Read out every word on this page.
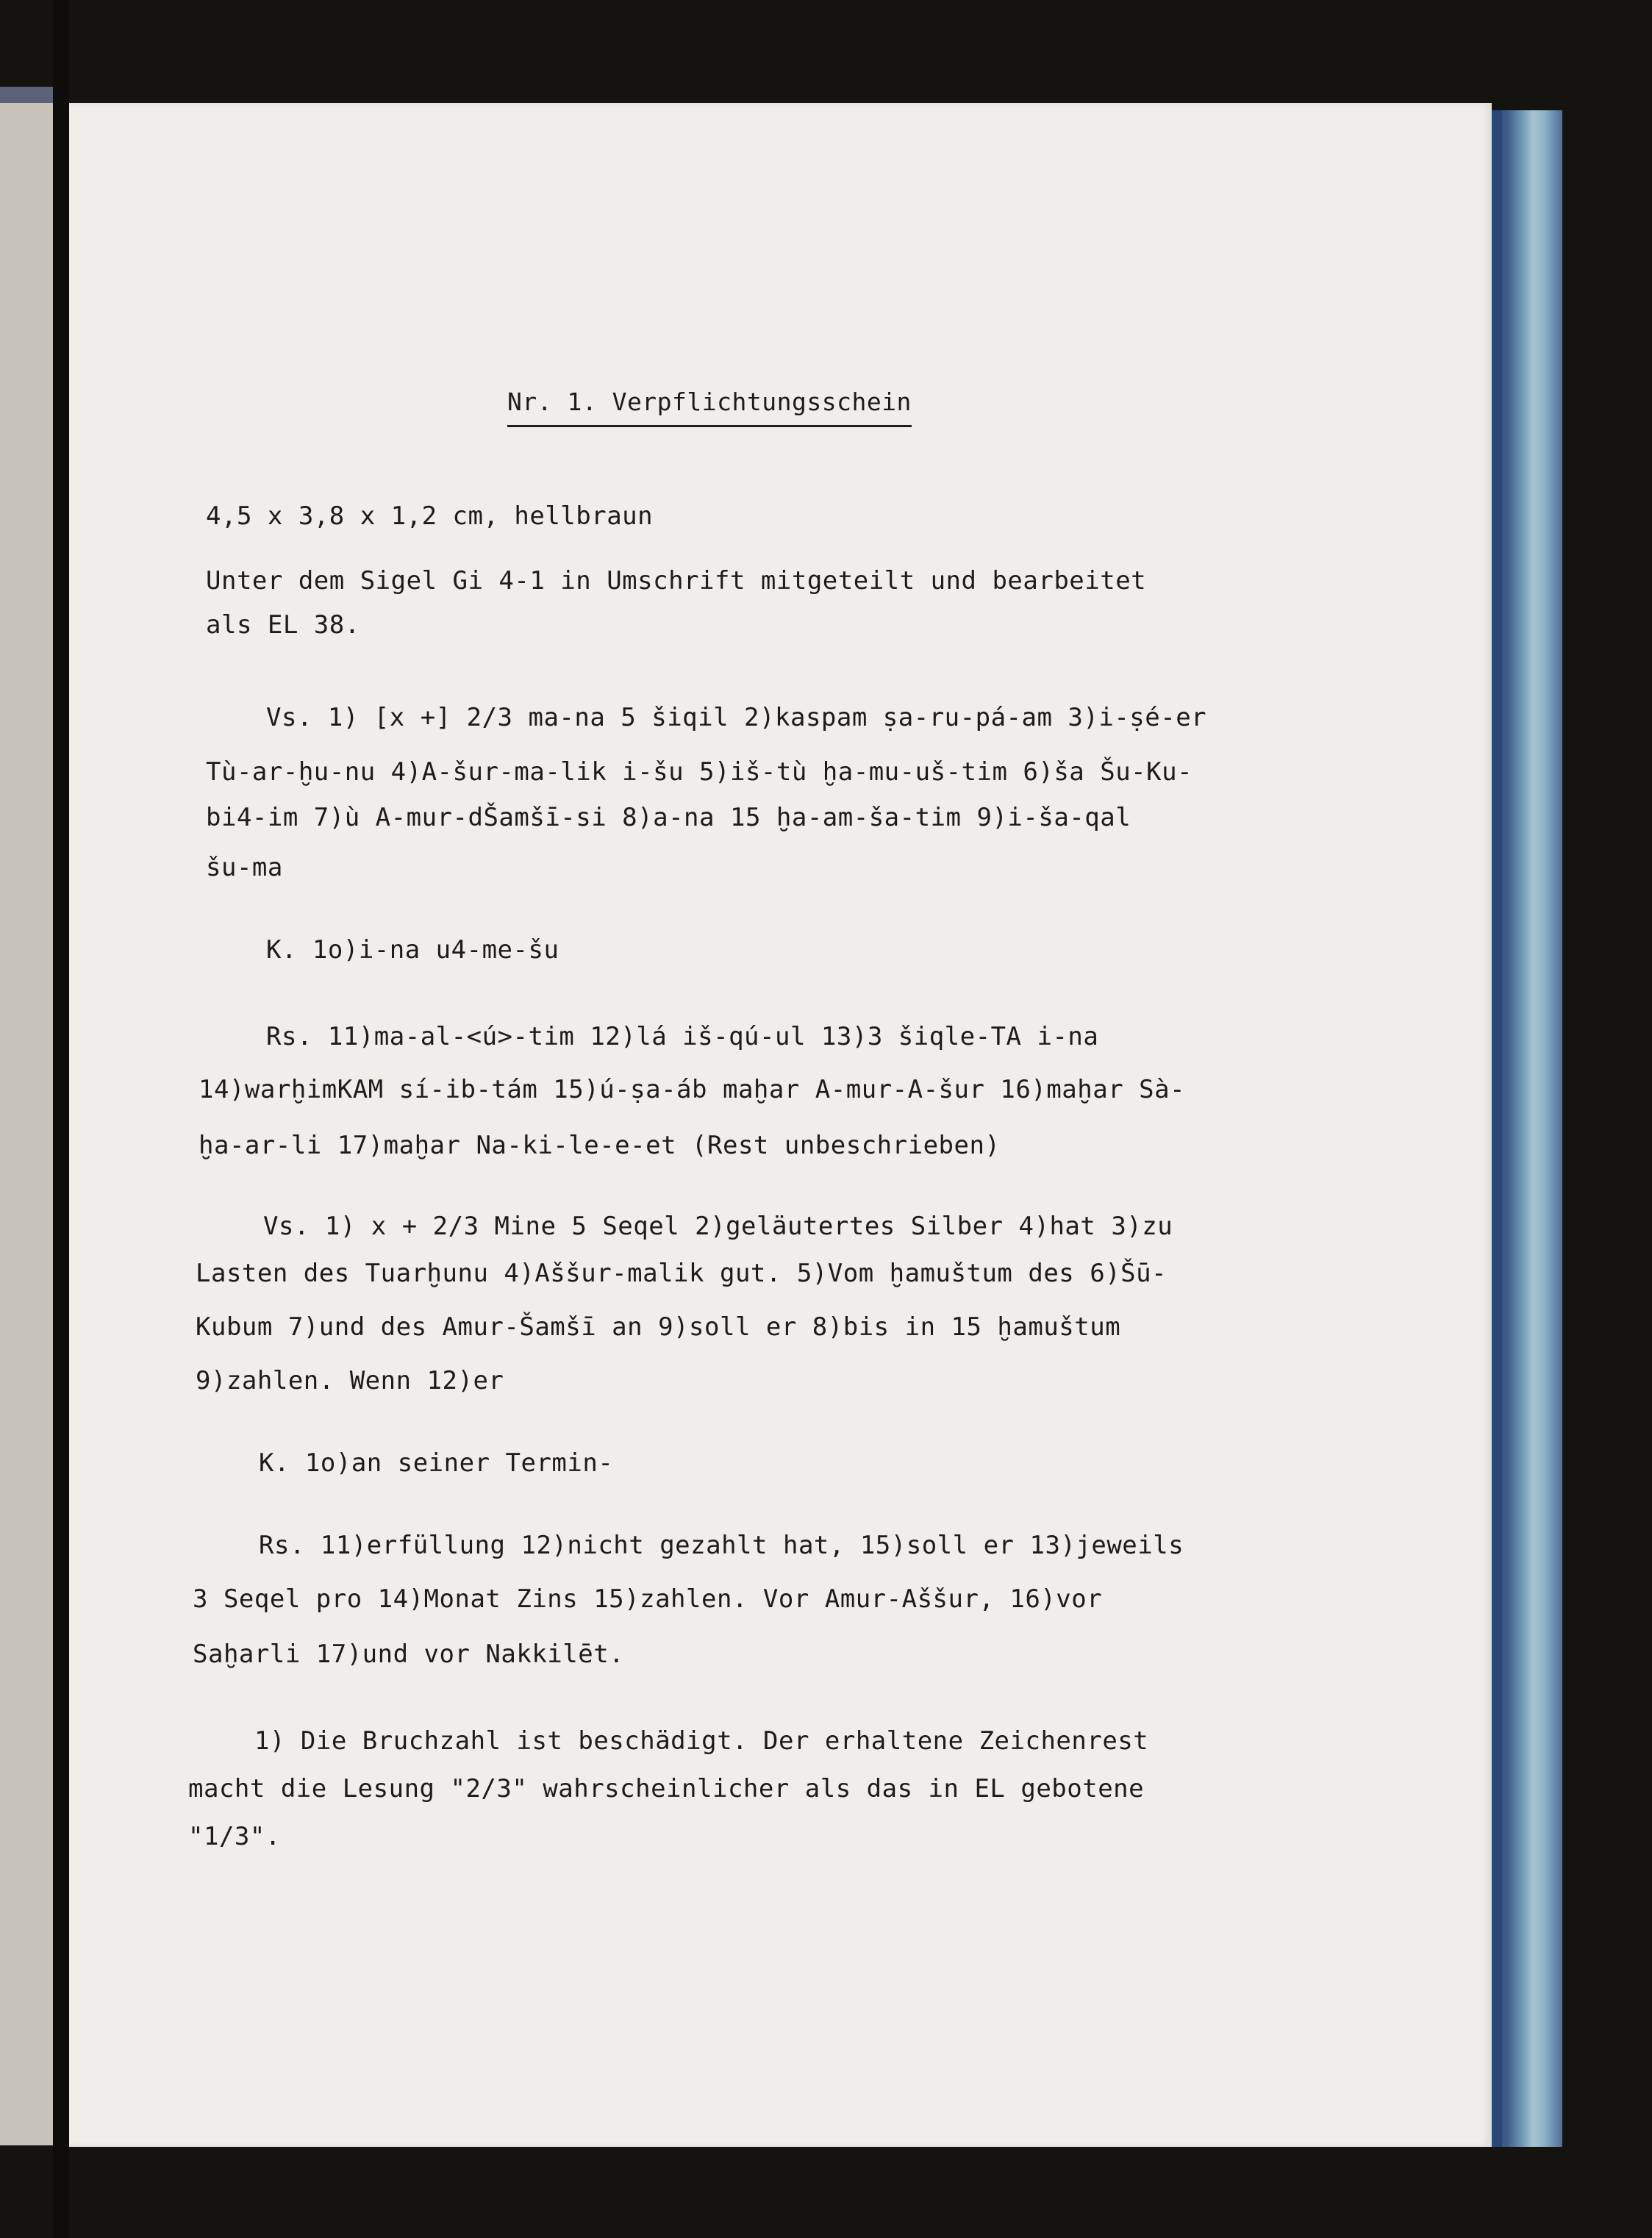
Nr. 1. Verpflichtungsschein
4,5 x 3,8 x 1,2 cm, hellbraun
Unter dem Sigel Gi 4-1 in Umschrift mitgeteilt und bearbeitet
als EL 38.
Vs. 1) [x +] 2/3 ma-na 5 šiqil 2)kaspam ṣa-ru-pá-am 3)i-ṣé-er
Tù-ar-ḫu-nu 4)A-šur-ma-lik i-šu 5)iš-tù ḫa-mu-uš-tim 6)ša Šu-Ku-
bi4-im 7)ù A-mur-dŠamšī-si 8)a-na 15 ḫa-am-ša-tim 9)i-ša-qal
šu-ma
K. 1o)i-na u4-me-šu
Rs. 11)ma-al-<ú>-tim 12)lá iš-qú-ul 13)3 šiqle-TA i-na
14)warḫimKAM sí-ib-tám 15)ú-ṣa-áb maḫar A-mur-A-šur 16)maḫar Sà-
ḫa-ar-li 17)maḫar Na-ki-le-e-et (Rest unbeschrieben)
Vs. 1) x + 2/3 Mine 5 Seqel 2)geläutertes Silber 4)hat 3)zu
Lasten des Tuarḫunu 4)Aššur-malik gut. 5)Vom ḫamuštum des 6)Šū-
Kubum 7)und des Amur-Šamšī an 9)soll er 8)bis in 15 ḫamuštum
9)zahlen. Wenn 12)er
K. 1o)an seiner Termin-
Rs. 11)erfüllung 12)nicht gezahlt hat, 15)soll er 13)jeweils
3 Seqel pro 14)Monat Zins 15)zahlen. Vor Amur-Aššur, 16)vor
Saḫarli 17)und vor Nakkilēt.
1) Die Bruchzahl ist beschädigt. Der erhaltene Zeichenrest
macht die Lesung "2/3" wahrscheinlicher als das in EL gebotene
"1/3".
